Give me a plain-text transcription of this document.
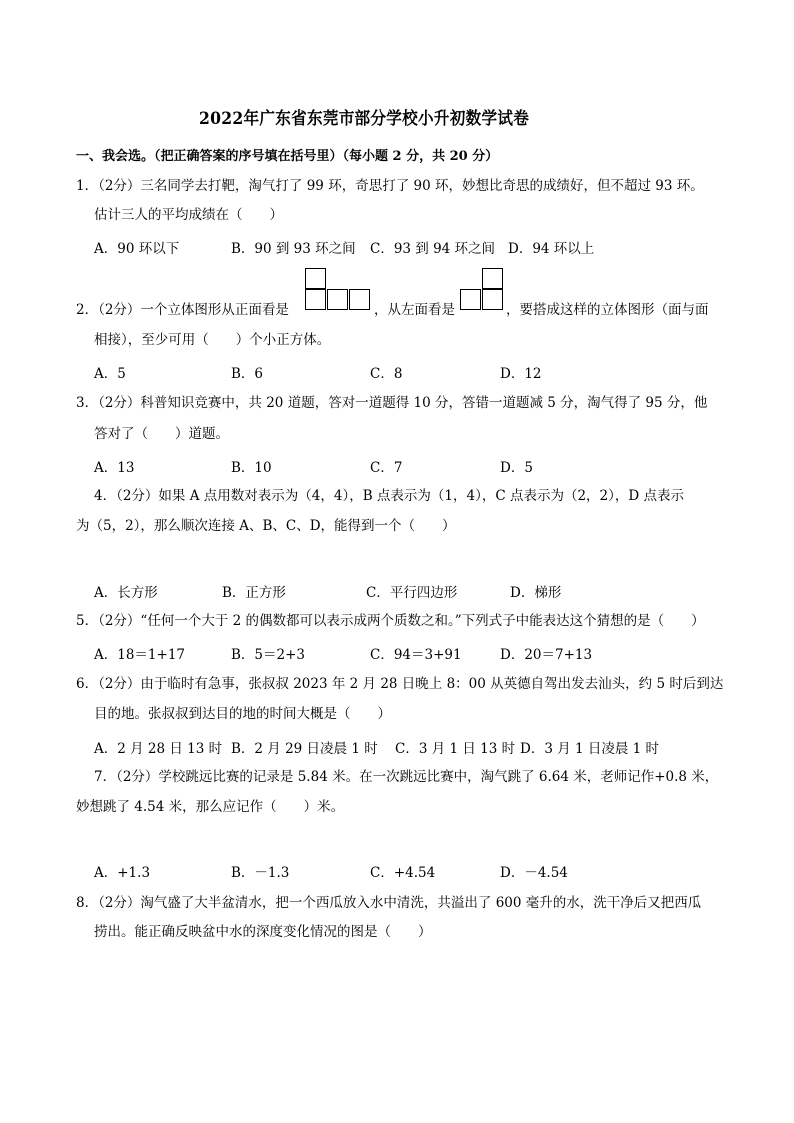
2022年广东省东莞市部分学校小升初数学试卷
一、我会选。（把正确答案的序号填在括号里）（每小题 2 分，共 20 分）
1．（2分）三名同学去打靶，淘气打了 99 环，奇思打了 90 环，妙想比奇思的成绩好，但不超过 93 环。
估计三人的平均成绩在（　　）
A．90 环以下	B．90 到 93 环之间 C．93 到 94 环之间 D．94 环以上
2．（2分）一个立体图形从正面看是	，从左面看是	，要搭成这样的立体图形（面与面
相接），至少可用（　　）个小正方体。
A．5	B．6	C．8	D．12
3．（2分）科普知识竞赛中，共 20 道题，答对一道题得 10 分，答错一道题减 5 分，淘气得了 95 分，他
答对了（　　）道题。
A．13	B．10	C．7	D．5
4．（2分）如果 A 点用数对表示为（4，4），B 点表示为（1，4），C 点表示为（2，2），D 点表示
为（5，2），那么顺次连接 A、B、C、D，能得到一个（　　）
A．长方形	B．正方形	C．平行四边形	D．梯形
5．（2分）“任何一个大于 2 的偶数都可以表示成两个质数之和。”下列式子中能表达这个猜想的是（　　）
A．18＝1+17	B．5＝2+3	C．94＝3+91	D．20＝7+13
6．（2分）由于临时有急事，张叔叔 2023 年 2 月 28 日晚上 8：00 从英德自驾出发去汕头，约 5 时后到达
目的地。张叔叔到达目的地的时间大概是（　　）
A．2 月 28 日 13 时 B．2 月 29 日凌晨 1 时 C．3 月 1 日 13 时 D．3 月 1 日凌晨 1 时
7．（2分）学校跳远比赛的记录是 5.84 米。在一次跳远比赛中，淘气跳了 6.64 米，老师记作+0.8 米，
妙想跳了 4.54 米，那么应记作（　　）米。
A．+1.3	B．－1.3	C．+4.54	D．－4.54
8．（2分）淘气盛了大半盆清水，把一个西瓜放入水中清洗，共溢出了 600 毫升的水，洗干净后又把西瓜
捞出。能正确反映盆中水的深度变化情况的图是（　　）
